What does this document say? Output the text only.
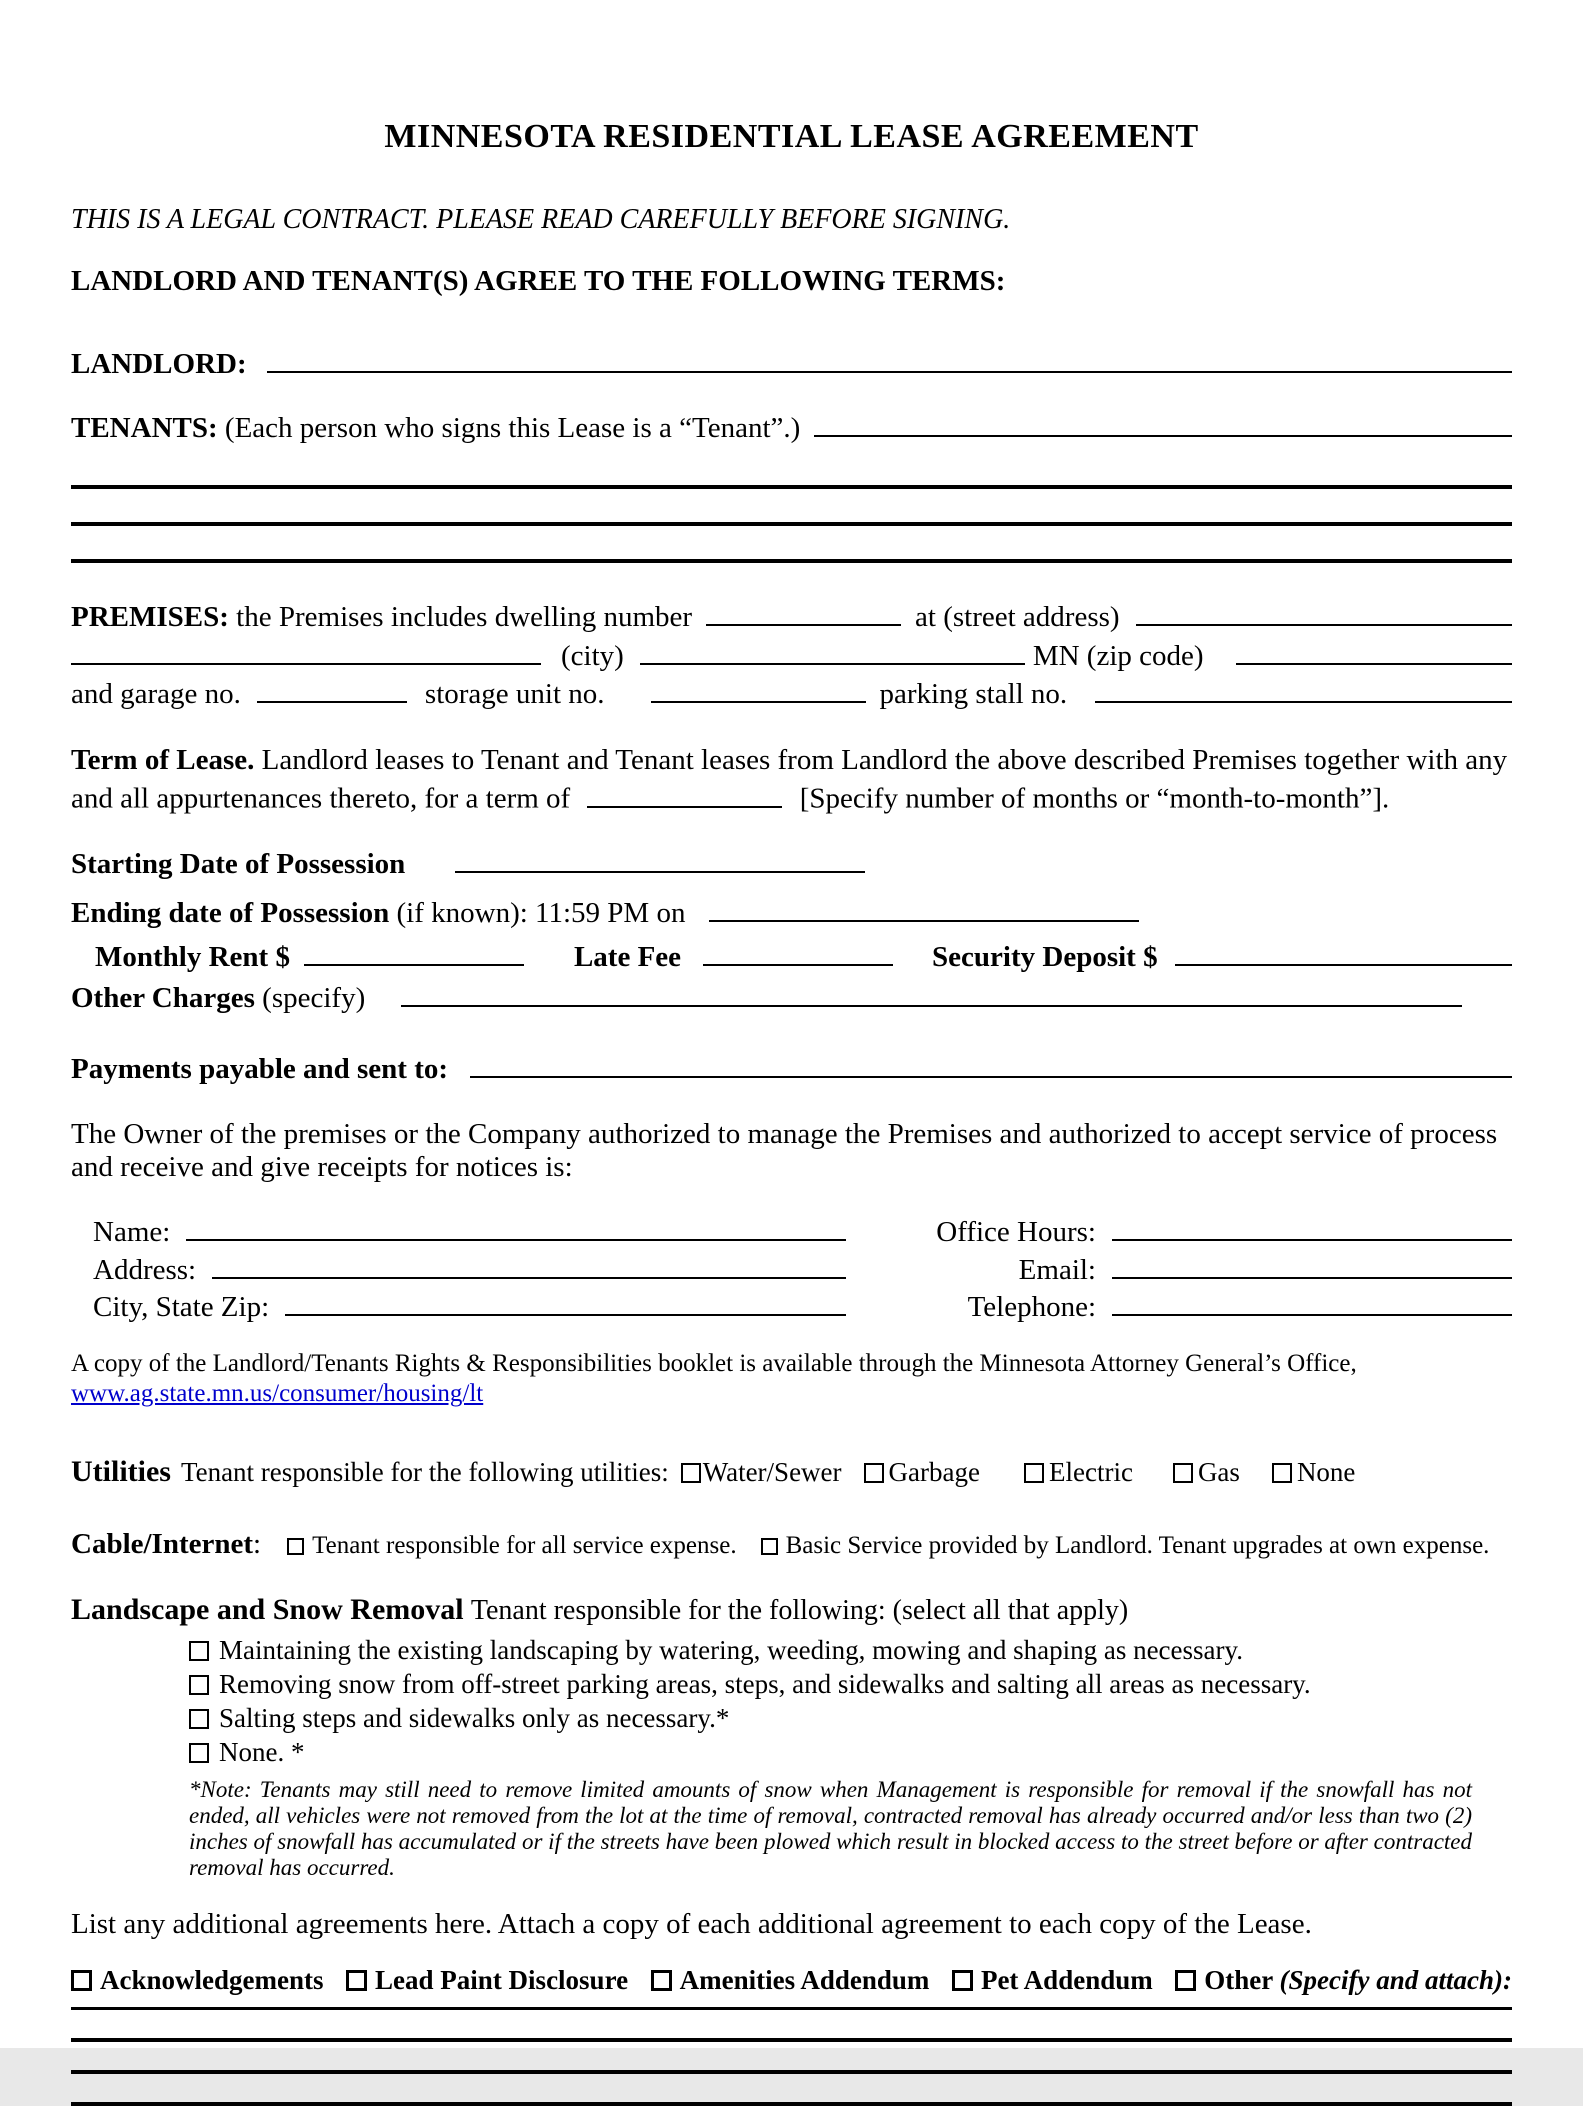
MINNESOTA RESIDENTIAL LEASE AGREEMENT

THIS IS A LEGAL CONTRACT. PLEASE READ CAREFULLY BEFORE SIGNING.

LANDLORD AND TENANT(S) AGREE TO THE FOLLOWING TERMS:

LANDLORD:
TENANTS: (Each person who signs this Lease is a “Tenant”.)
PREMISES: the Premises includes dwelling number	at (street address)
(city)	MN (zip code)
and garage no.	storage unit no.	parking stall no.

Term of Lease. Landlord leases to Tenant and Tenant leases from Landlord the above described Premises together with any and all appurtenances thereto, for a term of	[Specify number of months or “month-to-month”].

Starting Date of Possession
Ending date of Possession (if known): 11:59 PM on
Monthly Rent $	Late Fee	Security Deposit $
Other Charges (specify)
Payments payable and sent to:

The Owner of the premises or the Company authorized to manage the Premises and authorized to accept service of process and receive and give receipts for notices is:

Name:	Office Hours:
Address:	Email:
City, State Zip:	Telephone:

A copy of the Landlord/Tenants Rights & Responsibilities booklet is available through the Minnesota Attorney General’s Office,
www.ag.state.mn.us/consumer/housing/lt

Utilities Tenant responsible for the following utilities:	Water/Sewer	Garbage	Electric	Gas	None
Cable/Internet:	Tenant responsible for all service expense.	Basic Service provided by Landlord. Tenant upgrades at own expense.

Landscape and Snow Removal Tenant responsible for the following: (select all that apply)

Maintaining the existing landscaping by watering, weeding, mowing and shaping as necessary.
Removing snow from off-street parking areas, steps, and sidewalks and salting all areas as necessary.
Salting steps and sidewalks only as necessary.*
None. *

*Note: Tenants may still need to remove limited amounts of snow when Management is responsible for removal if the snowfall has not ended, all vehicles were not removed from the lot at the time of removal, contracted removal has already occurred and/or less than two (2) inches of snowfall has accumulated or if the streets have been plowed which result in blocked access to the street before or after contracted removal has occurred.

List any additional agreements here. Attach a copy of each additional agreement to each copy of the Lease.

Acknowledgements	Lead Paint Disclosure	Amenities Addendum	Pet Addendum	Other (Specify and attach):
